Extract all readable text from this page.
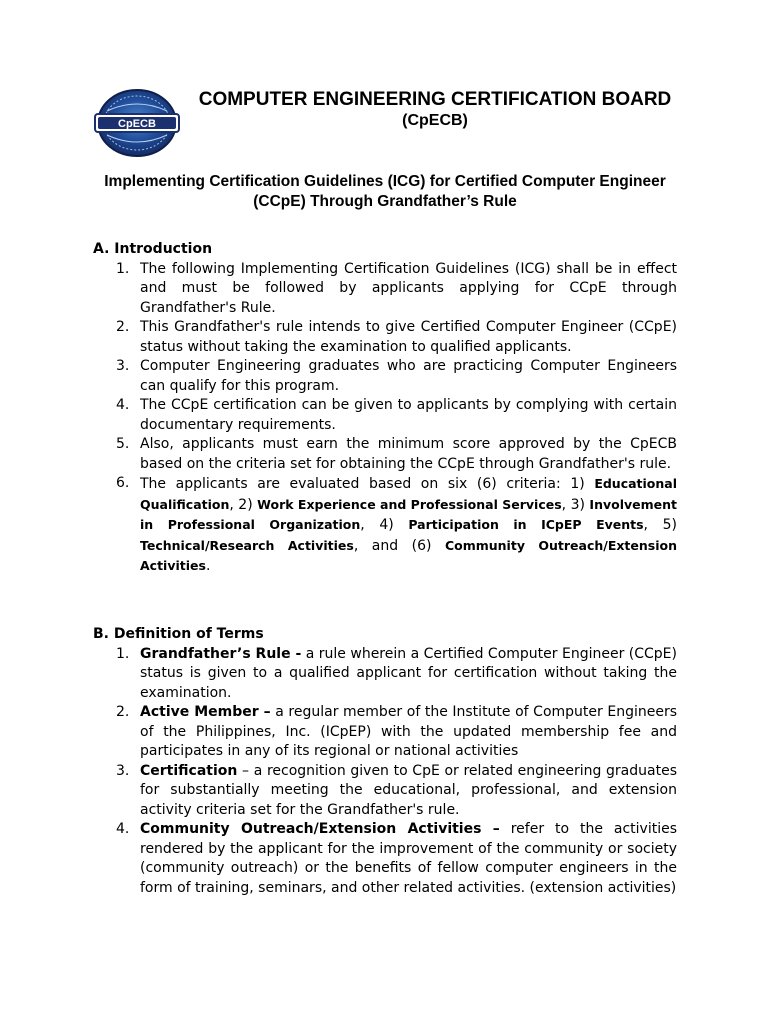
CpECB
COMPUTER ENGINEERING CERTIFICATION BOARD
(CpECB)
Implementing Certification Guidelines (ICG) for Certified Computer Engineer (CCpE) Through Grandfather’s Rule
A. Introduction
1. The following Implementing Certification Guidelines (ICG) shall be in effect and must be followed by applicants applying for CCpE through Grandfather's Rule.
2. This Grandfather's rule intends to give Certified Computer Engineer (CCpE) status without taking the examination to qualified applicants.
3. Computer Engineering graduates who are practicing Computer Engineers can qualify for this program.
4. The CCpE certification can be given to applicants by complying with certain documentary requirements.
5. Also, applicants must earn the minimum score approved by the CpECB based on the criteria set for obtaining the CCpE through Grandfather's rule.
6. The applicants are evaluated based on six (6) criteria: 1) Educational Qualification, 2) Work Experience and Professional Services, 3) Involvement in Professional Organization, 4) Participation in ICpEP Events, 5) Technical/Research Activities, and (6) Community Outreach/Extension Activities.
B. Definition of Terms
1. Grandfather’s Rule - a rule wherein a Certified Computer Engineer (CCpE) status is given to a qualified applicant for certification without taking the examination.
2. Active Member – a regular member of the Institute of Computer Engineers of the Philippines, Inc. (ICpEP) with the updated membership fee and participates in any of its regional or national activities
3. Certification – a recognition given to CpE or related engineering graduates for substantially meeting the educational, professional, and extension activity criteria set for the Grandfather's rule.
4. Community Outreach/Extension Activities – refer to the activities rendered by the applicant for the improvement of the community or society (community outreach) or the benefits of fellow computer engineers in the form of training, seminars, and other related activities. (extension activities)
